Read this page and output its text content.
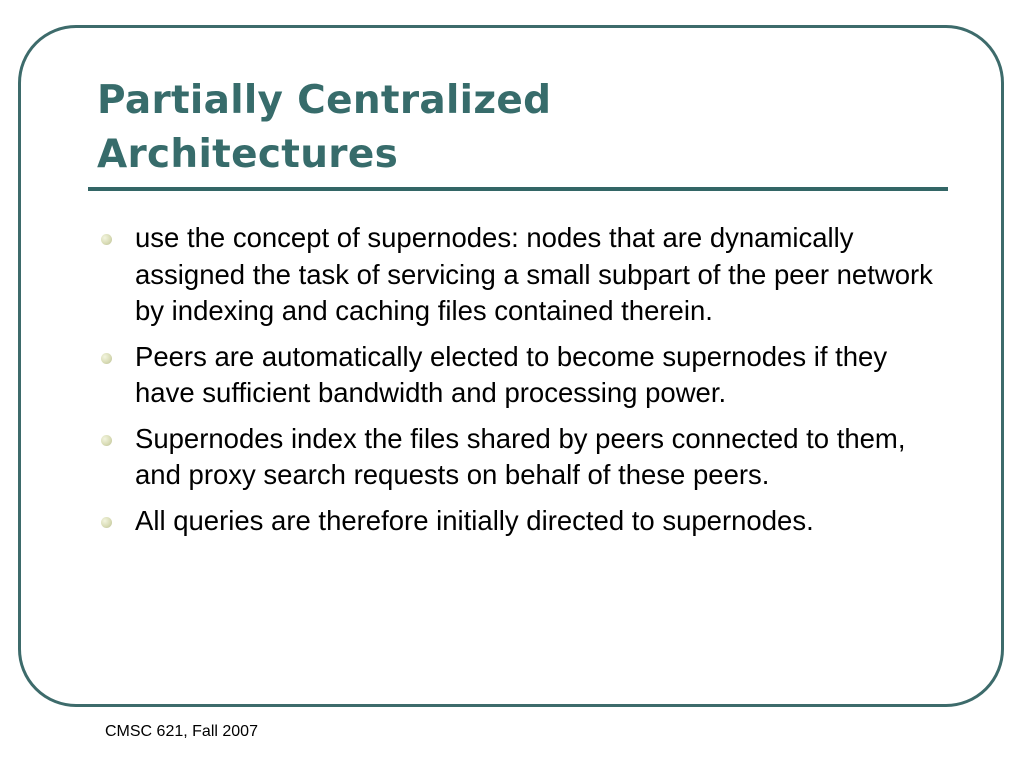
Partially Centralized
Architectures
use the concept of supernodes: nodes that are dynamically assigned the task of servicing a small subpart of the peer network by indexing and caching files contained therein.
Peers are automatically elected to become supernodes if they have sufficient bandwidth and processing power.
Supernodes index the files shared by peers connected to them, and proxy search requests on behalf of these peers.
All queries are therefore initially directed to supernodes.
CMSC 621, Fall 2007
